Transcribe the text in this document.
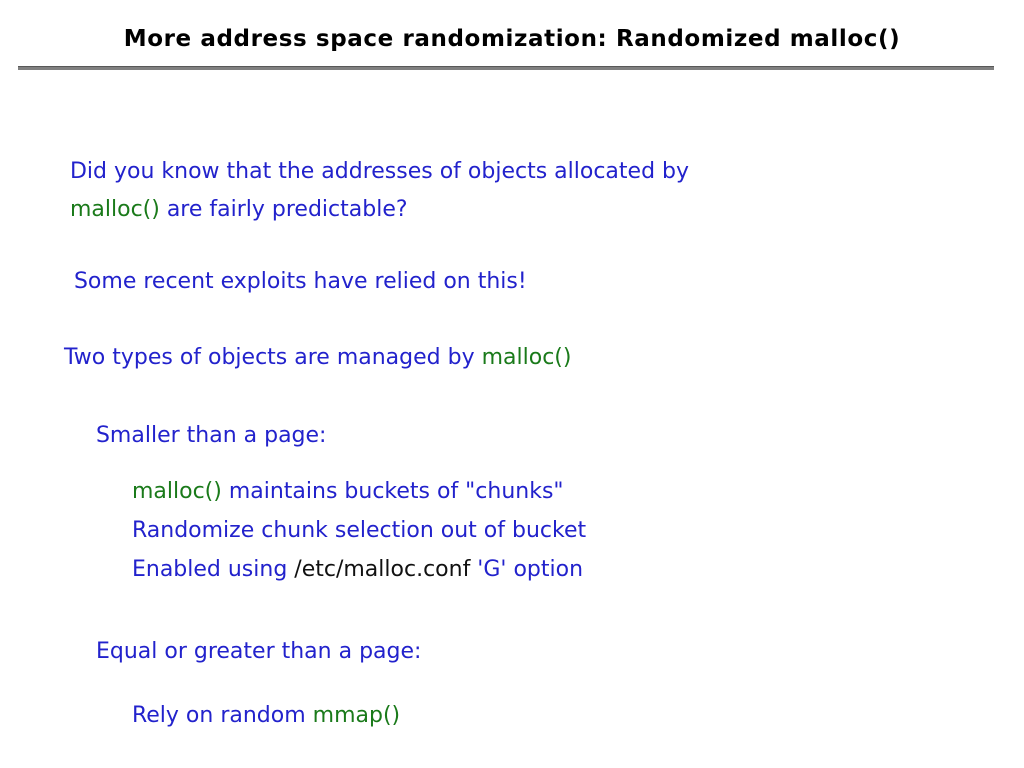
More address space randomization: Randomized malloc()

Did you know that the addresses of objects allocated by

malloc() are fairly predictable?

Some recent exploits have relied on this!

Two types of objects are managed by malloc()

Smaller than a page:

malloc() maintains buckets of "chunks"

Randomize chunk selection out of bucket

Enabled using /etc/malloc.conf 'G' option

Equal or greater than a page:

Rely on random mmap()
